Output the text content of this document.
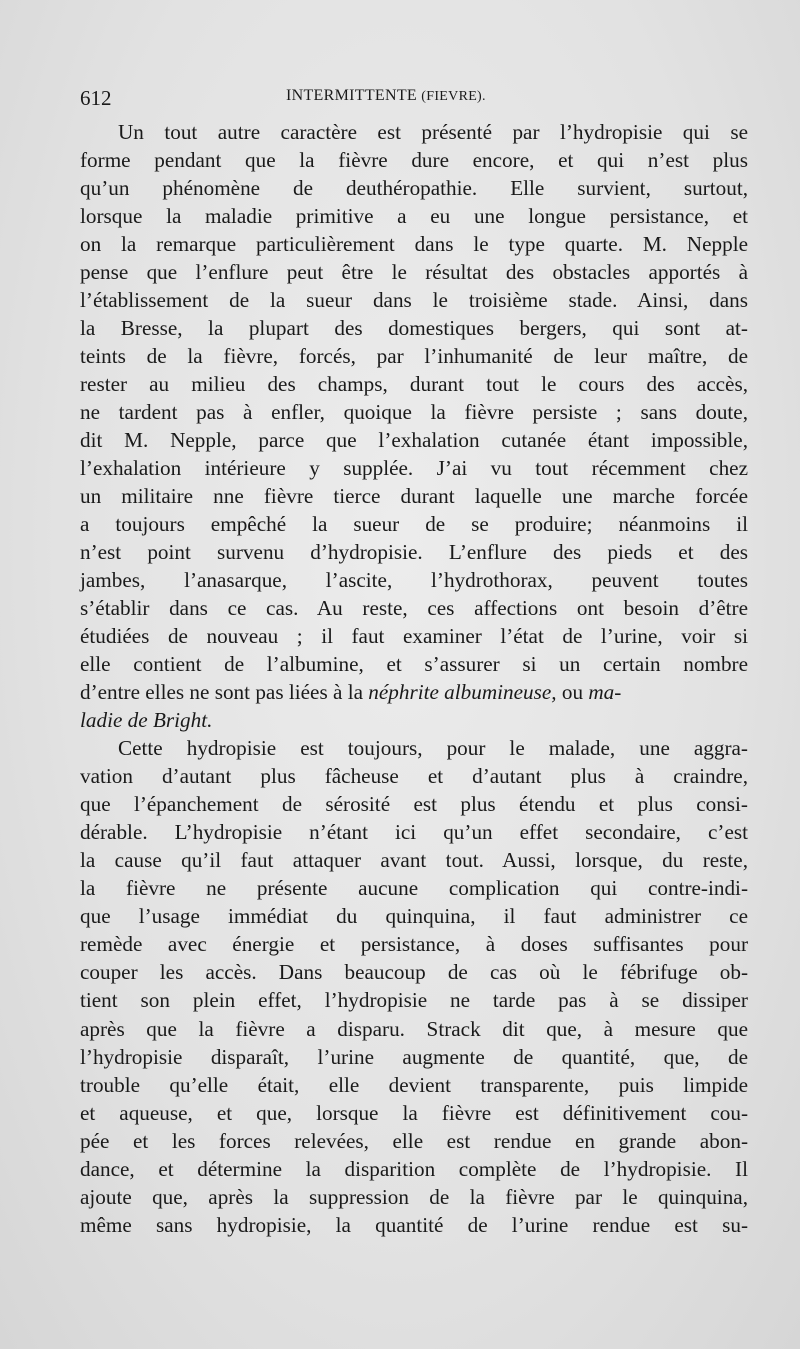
612	INTERMITTENTE (FIEVRE).
Un tout autre caractère est présenté par l’hydropisie qui se
forme pendant que la fièvre dure encore, et qui n’est plus
qu’un phénomène de deuthéropathie. Elle survient, surtout,
lorsque la maladie primitive a eu une longue persistance, et
on la remarque particulièrement dans le type quarte. M. Nepple
pense que l’enflure peut être le résultat des obstacles apportés à
l’établissement de la sueur dans le troisième stade. Ainsi, dans
la Bresse, la plupart des domestiques bergers, qui sont at-
teints de la fièvre, forcés, par l’inhumanité de leur maître, de
rester au milieu des champs, durant tout le cours des accès,
ne tardent pas à enfler, quoique la fièvre persiste ; sans doute,
dit M. Nepple, parce que l’exhalation cutanée étant impossible,
l’exhalation intérieure y supplée. J’ai vu tout récemment chez
un militaire nne fièvre tierce durant laquelle une marche forcée
a toujours empêché la sueur de se produire; néanmoins il
n’est point survenu d’hydropisie. L’enflure des pieds et des
jambes, l’anasarque, l’ascite, l’hydrothorax, peuvent toutes
s’établir dans ce cas. Au reste, ces affections ont besoin d’être
étudiées de nouveau ; il faut examiner l’état de l’urine, voir si
elle contient de l’albumine, et s’assurer si un certain nombre
d’entre elles ne sont pas liées à la néphrite albumineuse, ou ma-
ladie de Bright.
Cette hydropisie est toujours, pour le malade, une aggra-
vation d’autant plus fâcheuse et d’autant plus à craindre,
que l’épanchement de sérosité est plus étendu et plus consi-
dérable. L’hydropisie n’étant ici qu’un effet secondaire, c’est
la cause qu’il faut attaquer avant tout. Aussi, lorsque, du reste,
la fièvre ne présente aucune complication qui contre-indi-
que l’usage immédiat du quinquina, il faut administrer ce
remède avec énergie et persistance, à doses suffisantes pour
couper les accès. Dans beaucoup de cas où le fébrifuge ob-
tient son plein effet, l’hydropisie ne tarde pas à se dissiper
après que la fièvre a disparu. Strack dit que, à mesure que
l’hydropisie disparaît, l’urine augmente de quantité, que, de
trouble qu’elle était, elle devient transparente, puis limpide
et aqueuse, et que, lorsque la fièvre est définitivement cou-
pée et les forces relevées, elle est rendue en grande abon-
dance, et détermine la disparition complète de l’hydropisie. Il
ajoute que, après la suppression de la fièvre par le quinquina,
même sans hydropisie, la quantité de l’urine rendue est su-
